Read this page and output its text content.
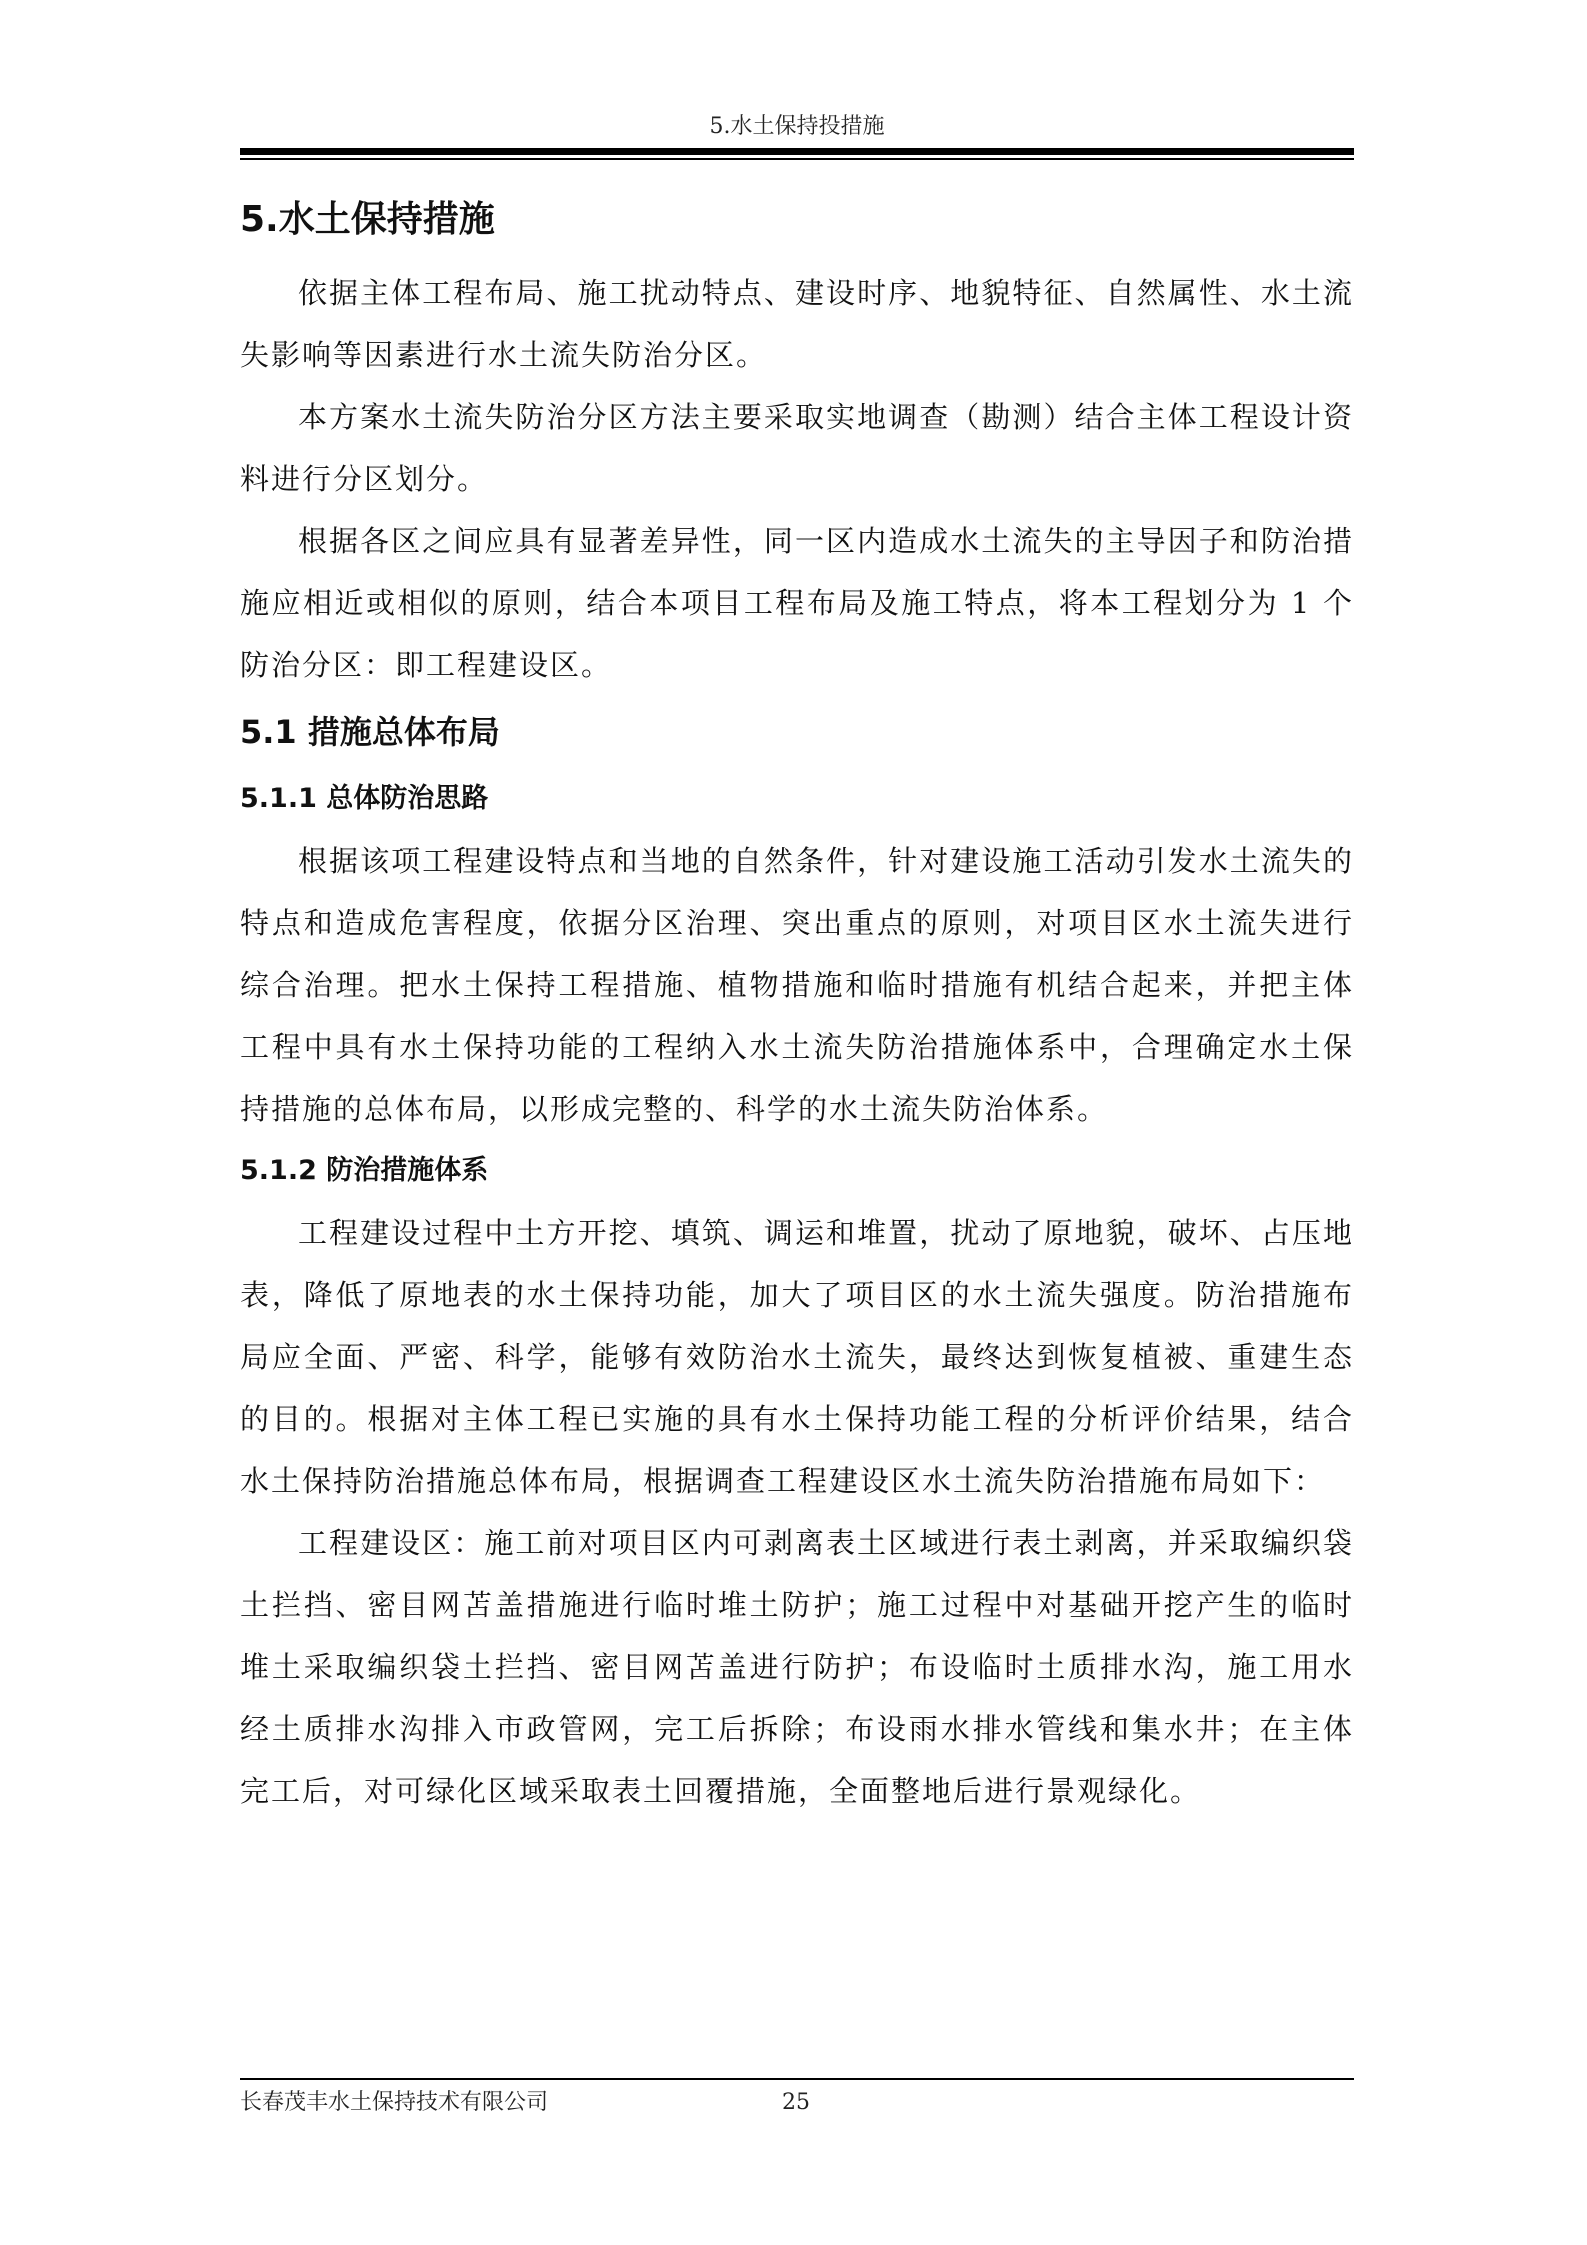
5.水土保持投措施
5.水土保持措施

依据主体工程布局、施工扰动特点、建设时序、地貌特征、自然属性、水土流失影响等因素进行水土流失防治分区。

本方案水土流失防治分区方法主要采取实地调查（勘测）结合主体工程设计资料进行分区划分。

根据各区之间应具有显著差异性，同一区内造成水土流失的主导因子和防治措施应相近或相似的原则，结合本项目工程布局及施工特点，将本工程划分为 1 个防治分区：即工程建设区。

5.1 措施总体布局
5.1.1 总体防治思路

根据该项工程建设特点和当地的自然条件，针对建设施工活动引发水土流失的特点和造成危害程度，依据分区治理、突出重点的原则，对项目区水土流失进行综合治理。把水土保持工程措施、植物措施和临时措施有机结合起来，并把主体工程中具有水土保持功能的工程纳入水土流失防治措施体系中，合理确定水土保持措施的总体布局，以形成完整的、科学的水土流失防治体系。

5.1.2 防治措施体系

工程建设过程中土方开挖、填筑、调运和堆置，扰动了原地貌，破坏、占压地表，降低了原地表的水土保持功能，加大了项目区的水土流失强度。防治措施布局应全面、严密、科学，能够有效防治水土流失，最终达到恢复植被、重建生态的目的。根据对主体工程已实施的具有水土保持功能工程的分析评价结果，结合水土保持防治措施总体布局，根据调查工程建设区水土流失防治措施布局如下：

工程建设区：施工前对项目区内可剥离表土区域进行表土剥离，并采取编织袋土拦挡、密目网苫盖措施进行临时堆土防护；施工过程中对基础开挖产生的临时堆土采取编织袋土拦挡、密目网苫盖进行防护；布设临时土质排水沟，施工用水经土质排水沟排入市政管网，完工后拆除；布设雨水排水管线和集水井；在主体完工后，对可绿化区域采取表土回覆措施，全面整地后进行景观绿化。

长春茂丰水土保持技术有限公司	25
